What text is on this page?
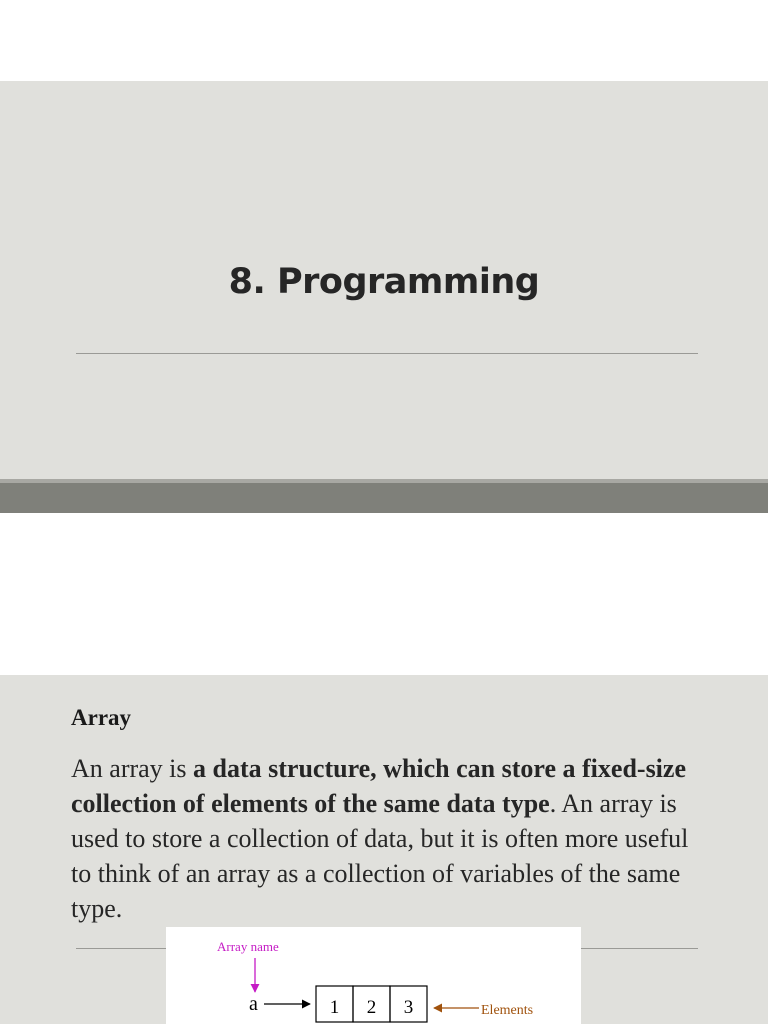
8. Programming
Array
An array is a data structure, which can store a fixed-size collection of elements of the same data type. An array is used to store a collection of data, but it is often more useful to think of an array as a collection of variables of the same type.
Array name
a	1 2 3	Elements
